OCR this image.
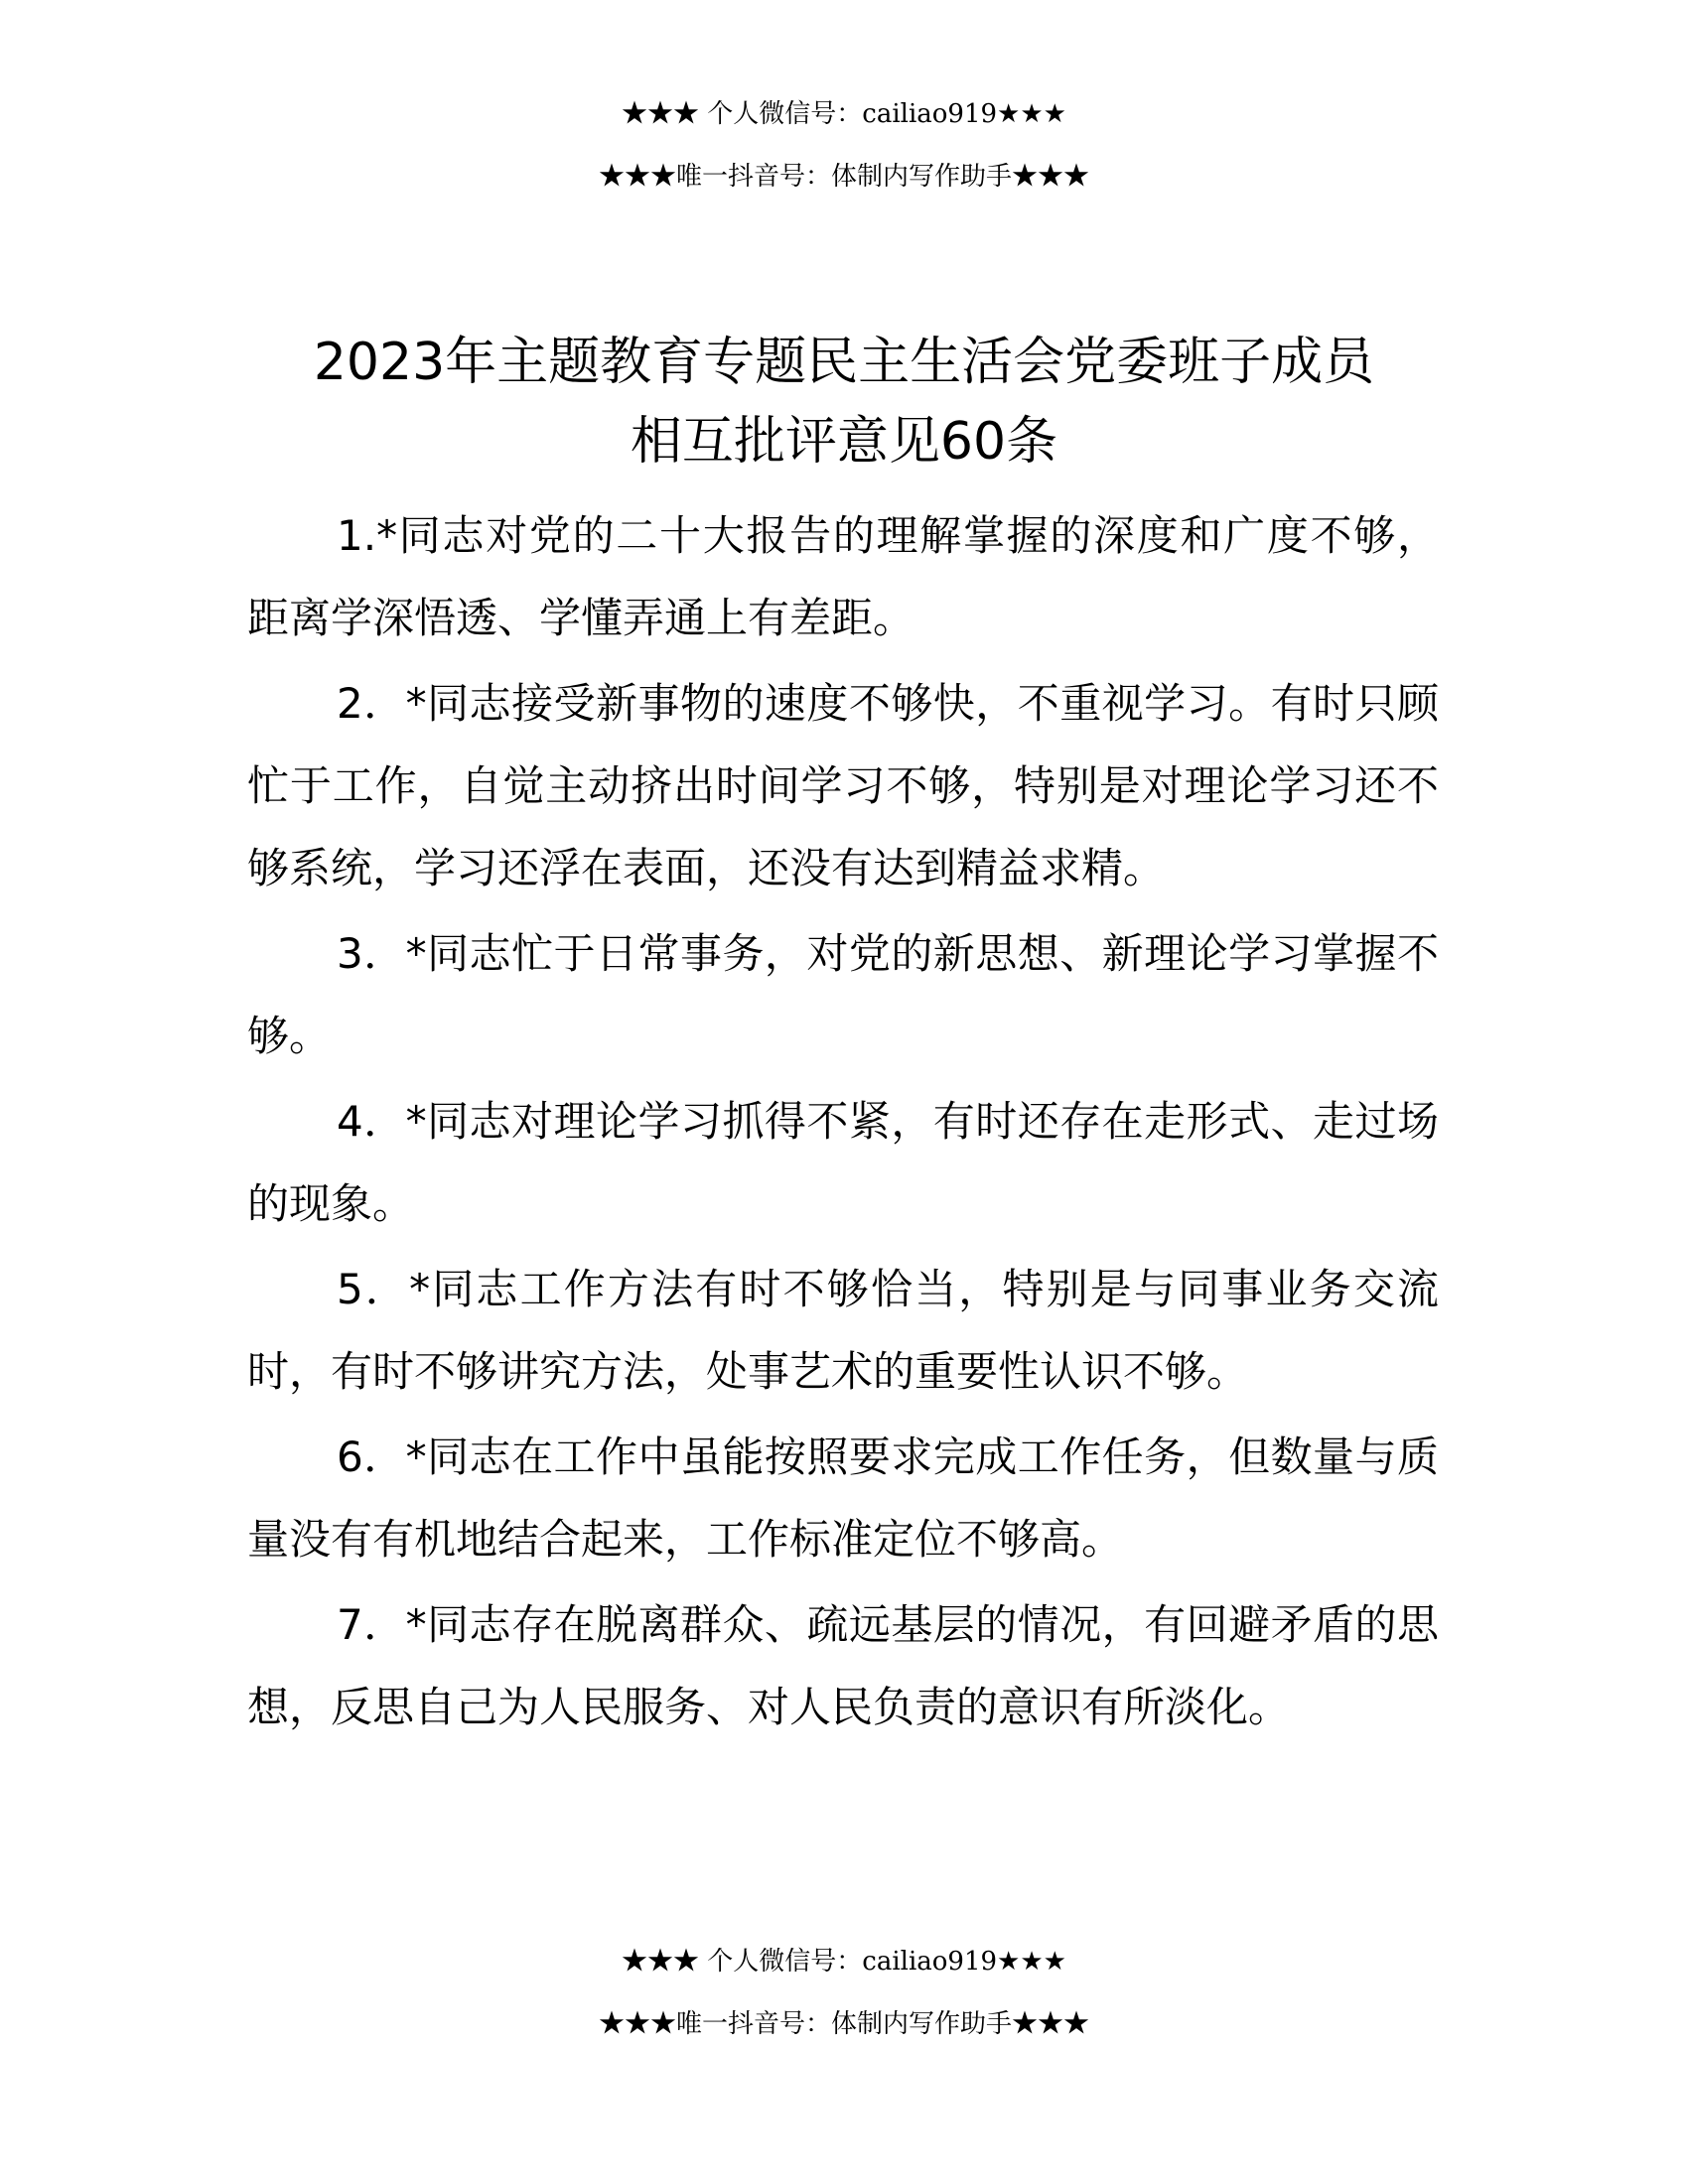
★★★ 个人微信号：cailiao919★★★
★★★唯一抖音号：体制内写作助手★★★
2023年主题教育专题民主生活会党委班子成员
相互批评意见60条

1.*同志对党的二十大报告的理解掌握的深度和广度不够，距离学深悟透、学懂弄通上有差距。

2．*同志接受新事物的速度不够快，不重视学习。有时只顾忙于工作，自觉主动挤出时间学习不够，特别是对理论学习还不够系统，学习还浮在表面，还没有达到精益求精。

3．*同志忙于日常事务，对党的新思想、新理论学习掌握不够。

4．*同志对理论学习抓得不紧，有时还存在走形式、走过场的现象。

5．*同志工作方法有时不够恰当，特别是与同事业务交流时，有时不够讲究方法，处事艺术的重要性认识不够。

6．*同志在工作中虽能按照要求完成工作任务，但数量与质量没有有机地结合起来，工作标准定位不够高。

7．*同志存在脱离群众、疏远基层的情况，有回避矛盾的思想，反思自己为人民服务、对人民负责的意识有所淡化。

★★★ 个人微信号：cailiao919★★★
★★★唯一抖音号：体制内写作助手★★★
